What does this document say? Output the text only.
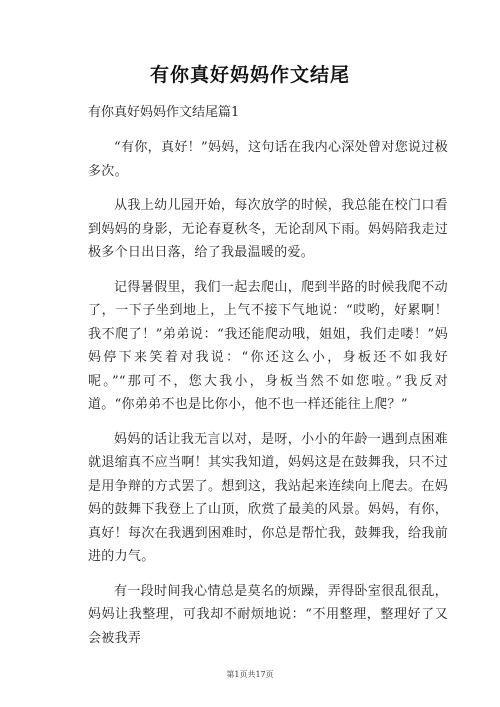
有你真好妈妈作文结尾
有你真好妈妈作文结尾篇1

“有你，真好！”妈妈，这句话在我内心深处曾对您说过极多次。

从我上幼儿园开始，每次放学的时候，我总能在校门口看到妈妈的身影，无论春夏秋冬，无论刮风下雨。妈妈陪我走过极多个日出日落，给了我最温暖的爱。

记得暑假里，我们一起去爬山，爬到半路的时候我爬不动了，一下子坐到地上，上气不接下气地说：“哎哟，好累啊！我不爬了！”弟弟说：“我还能爬动哦，姐姐，我们走喽！”妈妈停下来笑着对我说：“你还这么小，身板还不如我好呢。”“那可不，您大我小，身板当然不如您啦。”我反对道。“你弟弟不也是比你小，他不也一样还能往上爬？”

妈妈的话让我无言以对，是呀，小小的年龄一遇到点困难就退缩真不应当啊！其实我知道，妈妈这是在鼓舞我，只不过是用争辩的方式罢了。想到这，我站起来连续向上爬去。在妈妈的鼓舞下我登上了山顶，欣赏了最美的风景。妈妈，有你，真好！每次在我遇到困难时，你总是帮忙我，鼓舞我，给我前进的力气。

有一段时间我心情总是莫名的烦躁，弄得卧室很乱很乱，妈妈让我整理，可我却不耐烦地说：“不用整理，整理好了又会被我弄

第1页共17页
